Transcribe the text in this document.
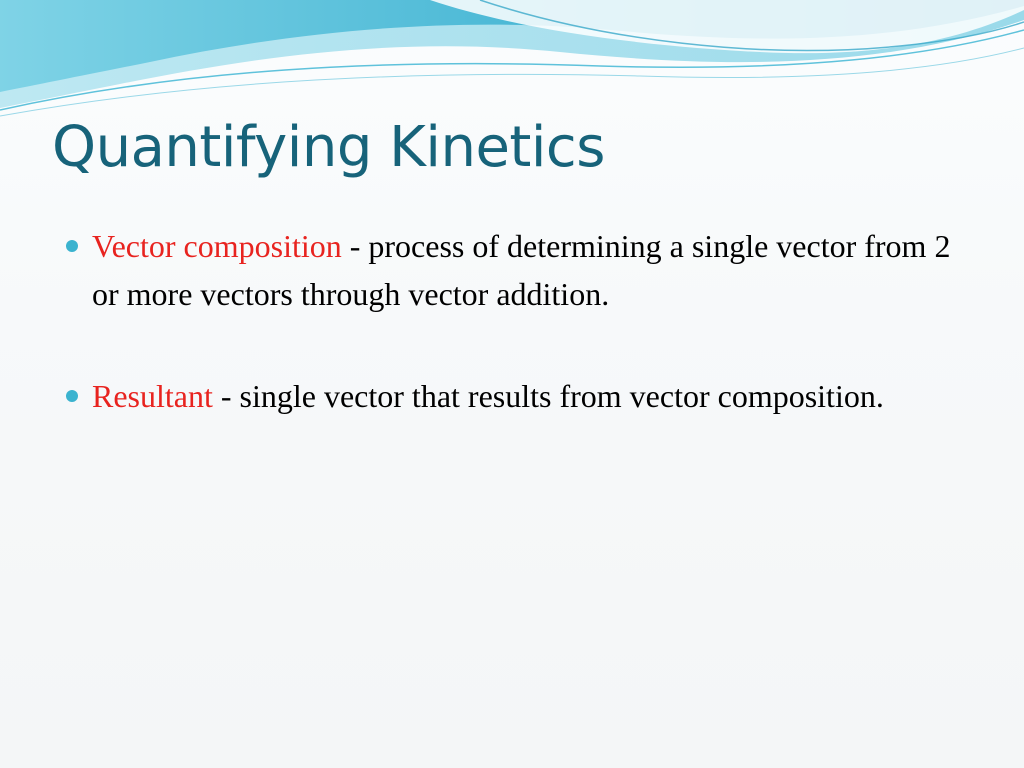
Quantifying Kinetics
Vector composition - process of determining a single vector from 2 or more vectors through vector addition.
Resultant - single vector that results from vector composition.
